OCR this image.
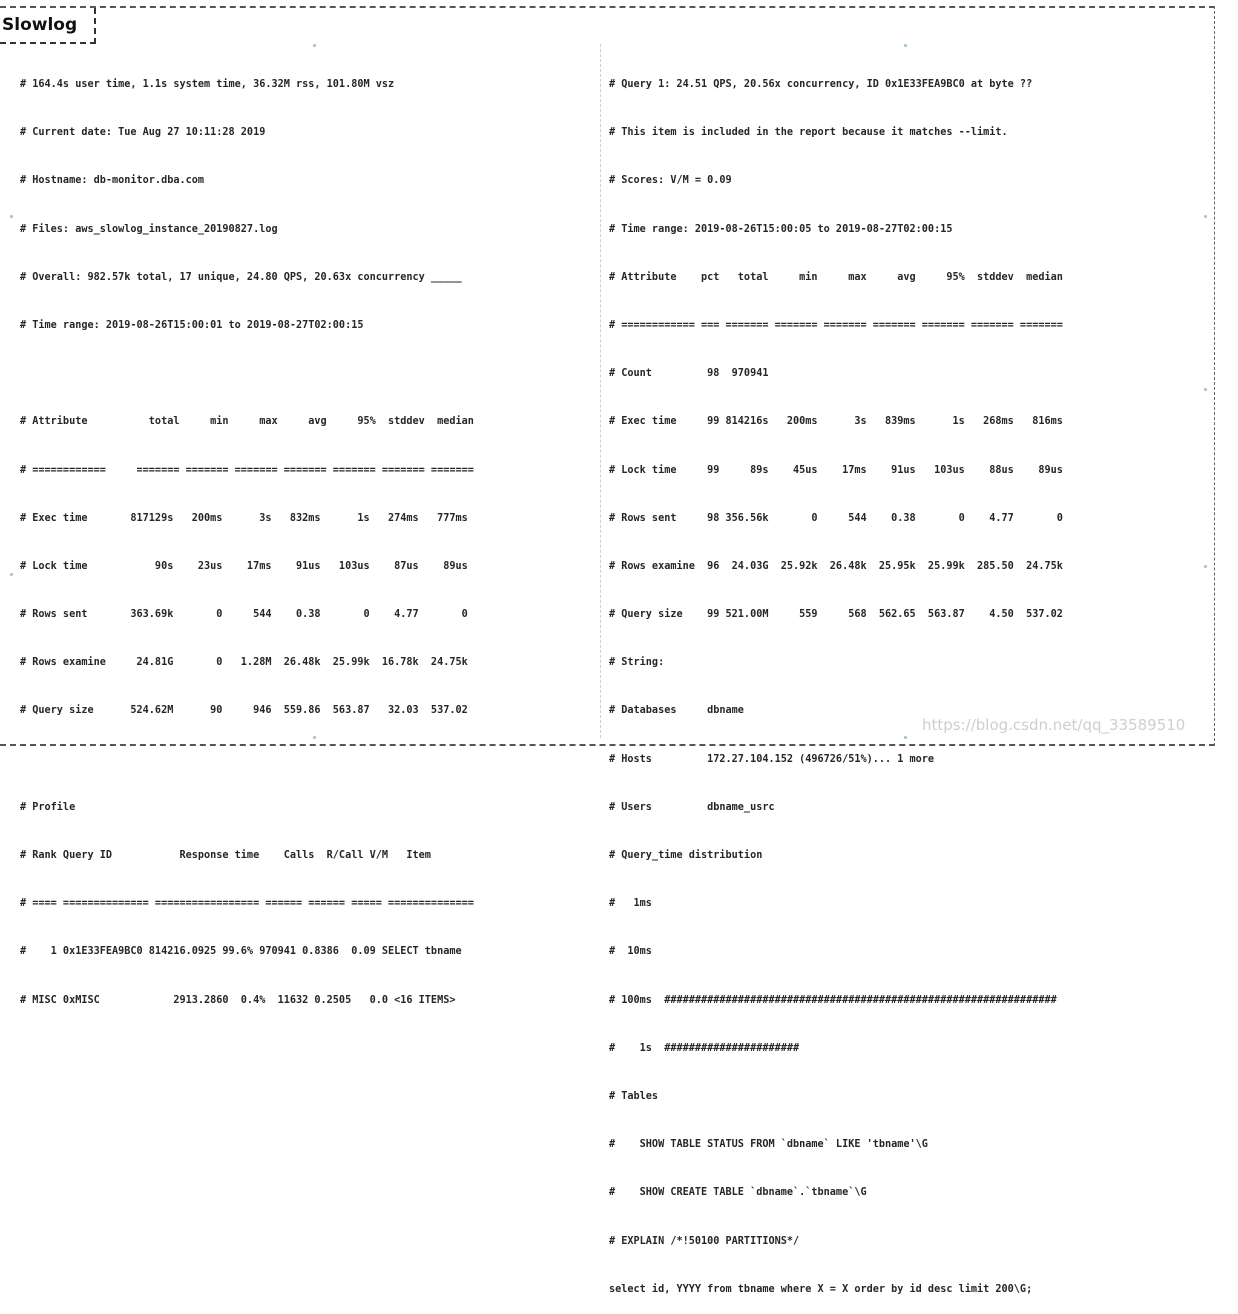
Slowlog

# 164.4s user time, 1.1s system time, 36.32M rss, 101.80M vsz

# Current date: Tue Aug 27 10:11:28 2019

# Hostname: db-monitor.dba.com

# Files: aws_slowlog_instance_20190827.log

# Overall: 982.57k total, 17 unique, 24.80 QPS, 20.63x concurrency _____

# Time range: 2019-08-26T15:00:01 to 2019-08-27T02:00:15

# Attribute          total     min     max     avg     95%  stddev  median

# ============     ======= ======= ======= ======= ======= ======= =======

# Exec time       817129s   200ms      3s   832ms      1s   274ms   777ms

# Lock time           90s    23us    17ms    91us   103us    87us    89us

# Rows sent       363.69k       0     544    0.38       0    4.77       0

# Rows examine     24.81G       0   1.28M  26.48k  25.99k  16.78k  24.75k

# Query size      524.62M      90     946  559.86  563.87   32.03  537.02

# Profile

# Rank Query ID           Response time    Calls  R/Call V/M   Item

# ==== ============== ================= ====== ====== ===== ==============

#    1 0x1E33FEA9BC0 814216.0925 99.6% 970941 0.8386  0.09 SELECT tbname

# MISC 0xMISC            2913.2860  0.4%  11632 0.2505   0.0 <16 ITEMS>

# Query 1: 24.51 QPS, 20.56x concurrency, ID 0x1E33FEA9BC0 at byte ??

# This item is included in the report because it matches --limit.

# Scores: V/M = 0.09

# Time range: 2019-08-26T15:00:05 to 2019-08-27T02:00:15

# Attribute    pct   total     min     max     avg     95%  stddev  median

# ============ === ======= ======= ======= ======= ======= ======= =======

# Count         98  970941

# Exec time     99 814216s   200ms      3s   839ms      1s   268ms   816ms

# Lock time     99     89s    45us    17ms    91us   103us    88us    89us

# Rows sent     98 356.56k       0     544    0.38       0    4.77       0

# Rows examine  96  24.03G  25.92k  26.48k  25.95k  25.99k  285.50  24.75k

# Query size    99 521.00M     559     568  562.65  563.87    4.50  537.02

# String:

# Databases     dbname

# Hosts         172.27.104.152 (496726/51%)... 1 more

# Users         dbname_usrc

# Query_time distribution

#   1ms

#  10ms

# 100ms  ################################################################

#    1s  ######################

# Tables

#    SHOW TABLE STATUS FROM `dbname` LIKE 'tbname'\G

#    SHOW CREATE TABLE `dbname`.`tbname`\G

# EXPLAIN /*!50100 PARTITIONS*/

select id, YYYY from tbname where X = X order by id desc limit 200\G;

https://blog.csdn.net/qq_33589510
